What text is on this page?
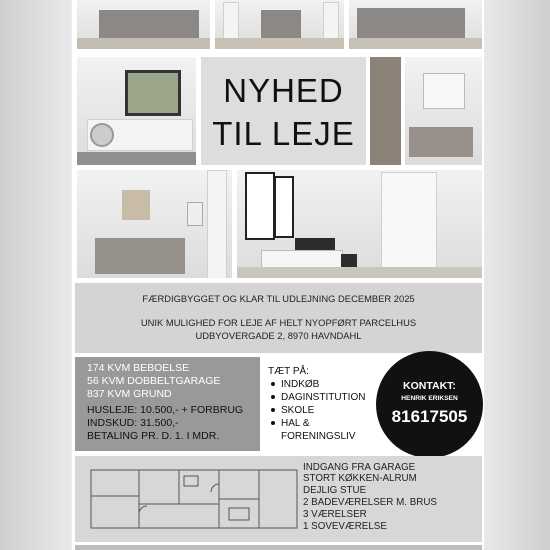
NYHED
TIL LEJE
FÆRDIGBYGGET OG KLAR TIL UDLEJNING DECEMBER 2025
UNIK MULIGHED FOR LEJE AF HELT NYOPFØRT PARCELHUS
UDBYOVERGADE 2, 8970 HAVNDAHL
174 KVM BEBOELSE
56 KVM DOBBELTGARAGE
837 KVM GRUND
HUSLEJE: 10.500,- + FORBRUG
INDSKUD: 31.500,-
BETALING PR. D. 1. I MDR.
TÆT PÅ:
INDKØB
DAGINSTITUTION
SKOLE
HAL &
FORENINGSLIV
KONTAKT:
HENRIK ERIKSEN
81617505
INDGANG FRA GARAGE
STORT KØKKEN-ALRUM
DEJLIG STUE
2 BADEVÆRELSER M. BRUS
3 VÆRELSER
1 SOVEVÆRELSE
